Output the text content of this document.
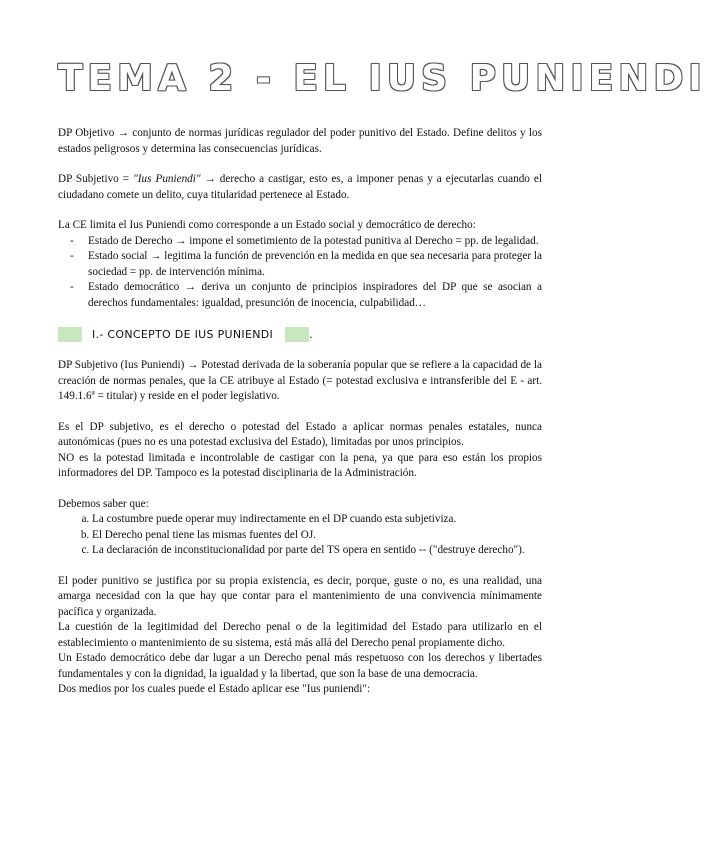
TEMA 2 - EL IUS PUNIENDI

DP Objetivo → conjunto de normas jurídicas regulador del poder punitivo del Estado. Define delitos y los estados peligrosos y determina las consecuencias jurídicas.

DP Subjetivo = "Ius Puniendi" → derecho a castigar, esto es, a imponer penas y a ejecutarlas cuando el ciudadano comete un delito, cuya titularidad pertenece al Estado.

La CE limita el Ius Puniendi como corresponde a un Estado social y democrático de derecho:

- Estado de Derecho → impone el sometimiento de la potestad punitiva al Derecho = pp. de legalidad.
- Estado social → legitima la función de prevención en la medida en que sea necesaria para proteger la sociedad = pp. de intervención mínima.
- Estado democrático → deriva un conjunto de principios inspiradores del DP que se asocian a derechos fundamentales: igualdad, presunción de inocencia, culpabilidad…
I.- CONCEPTO DE IUS PUNIENDI	.

DP Subjetivo (Ius Puniendi) → Potestad derivada de la soberanía popular que se refiere a la capacidad de la creación de normas penales, que la CE atribuye al Estado (= potestad exclusiva e intransferible del E - art. 149.1.6ª = titular) y reside en el poder legislativo.

Es el DP subjetivo, es el derecho o potestad del Estado a aplicar normas penales estatales, nunca autonómicas (pues no es una potestad exclusiva del Estado), limitadas por unos principios.

NO es la potestad limitada e incontrolable de castigar con la pena, ya que para eso están los propios informadores del DP. Tampoco es la potestad disciplinaria de la Administración.

Debemos saber que:

a. La costumbre puede operar muy indirectamente en el DP cuando esta subjetiviza.
b. El Derecho penal tiene las mismas fuentes del OJ.
c. La declaración de inconstitucionalidad por parte del TS opera en sentido -- ("destruye derecho").

El poder punitivo se justifica por su propia existencia, es decir, porque, guste o no, es una realidad, una amarga necesidad con la que hay que contar para el mantenimiento de una convivencia mínimamente pacífica y organizada.

La cuestión de la legitimidad del Derecho penal o de la legitimidad del Estado para utilizarlo en el establecimiento o mantenimiento de su sistema, está más allá del Derecho penal propiamente dicho.

Un Estado democrático debe dar lugar a un Derecho penal más respetuoso con los derechos y libertades fundamentales y con la dignidad, la igualdad y la libertad, que son la base de una democracia.

Dos medios por los cuales puede el Estado aplicar ese "Ius puniendi":
